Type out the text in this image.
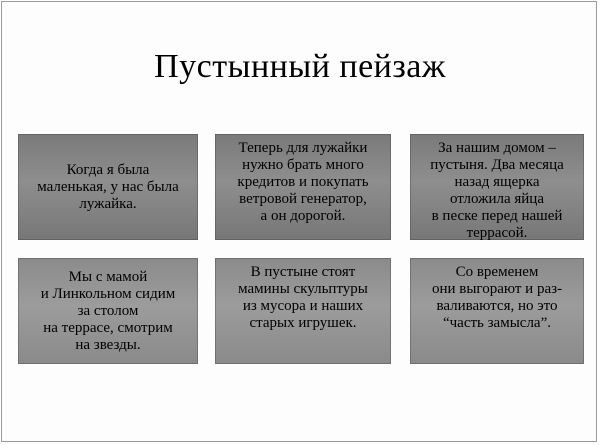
Пустынный пейзаж
Когда я была
маленькая, у нас была
лужайка.
Теперь для лужайки
нужно брать много
кредитов и покупать
ветровой генератор,
а он дорогой.
За нашим домом –
пустыня. Два месяца
назад ящерка
отложила яйца
в песке перед нашей
террасой.
Мы с мамой
и Линкольном сидим
за столом
на террасе, смотрим
на звезды.
В пустыне стоят
мамины скульптуры
из мусора и наших
старых игрушек.
Со временем
они выгорают и раз-
валиваются, но это
“часть замысла”.
